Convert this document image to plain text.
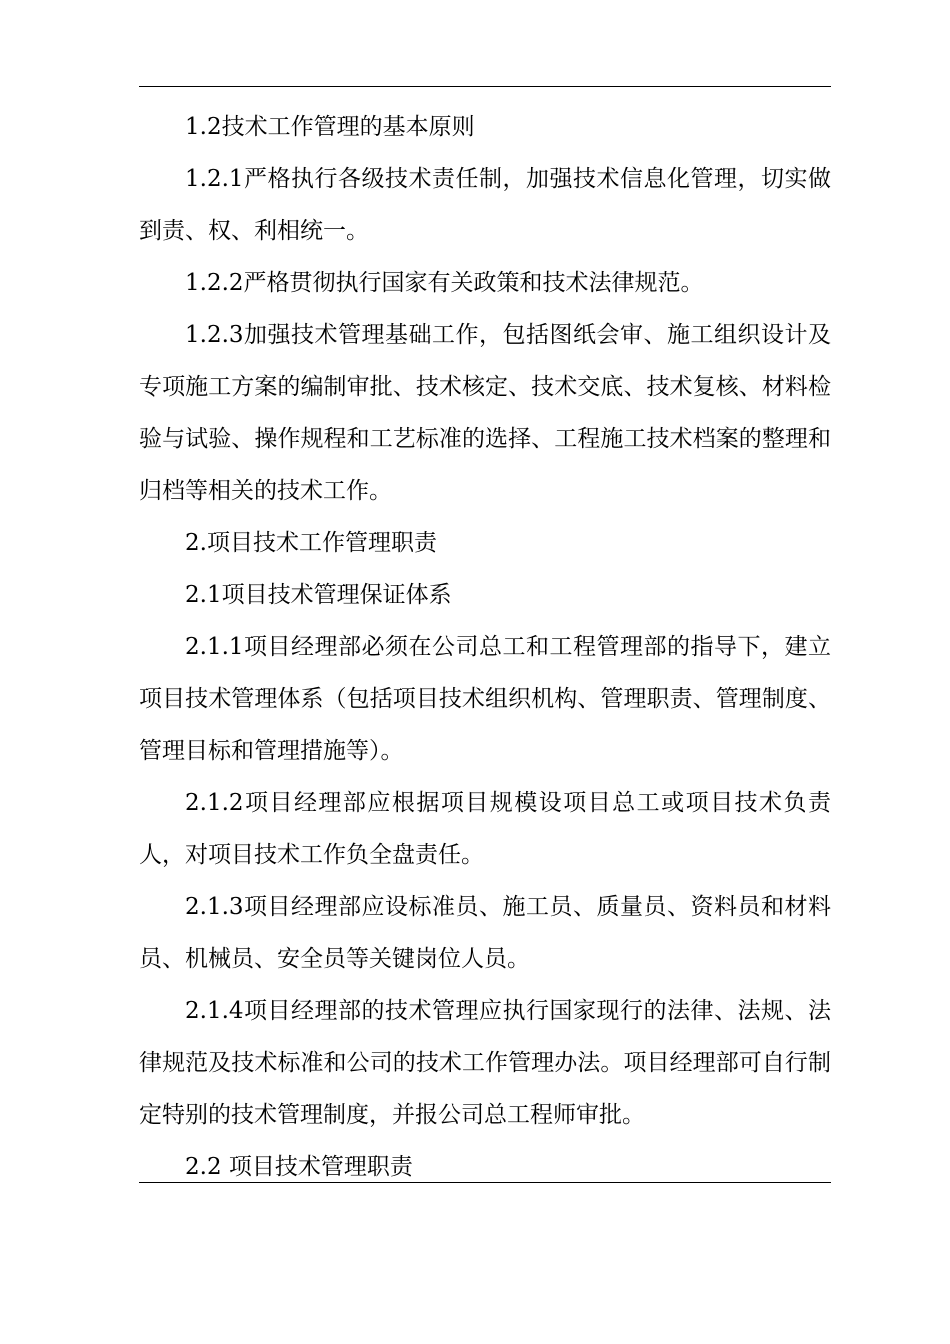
1.2技术工作管理的基本原则

1.2.1严格执行各级技术责任制，加强技术信息化管理，切实做到责、权、利相统一。

1.2.2严格贯彻执行国家有关政策和技术法律规范。

1.2.3加强技术管理基础工作，包括图纸会审、施工组织设计及专项施工方案的编制审批、技术核定、技术交底、技术复核、材料检验与试验、操作规程和工艺标准的选择、工程施工技术档案的整理和归档等相关的技术工作。

2.项目技术工作管理职责

2.1项目技术管理保证体系

2.1.1项目经理部必须在公司总工和工程管理部的指导下，建立项目技术管理体系（包括项目技术组织机构、管理职责、管理制度、管理目标和管理措施等）。

2.1.2项目经理部应根据项目规模设项目总工或项目技术负责人，对项目技术工作负全盘责任。

2.1.3项目经理部应设标准员、施工员、质量员、资料员和材料员、机械员、安全员等关键岗位人员。

2.1.4项目经理部的技术管理应执行国家现行的法律、法规、法律规范及技术标准和公司的技术工作管理办法。项目经理部可自行制定特别的技术管理制度，并报公司总工程师审批。

2.2 项目技术管理职责
